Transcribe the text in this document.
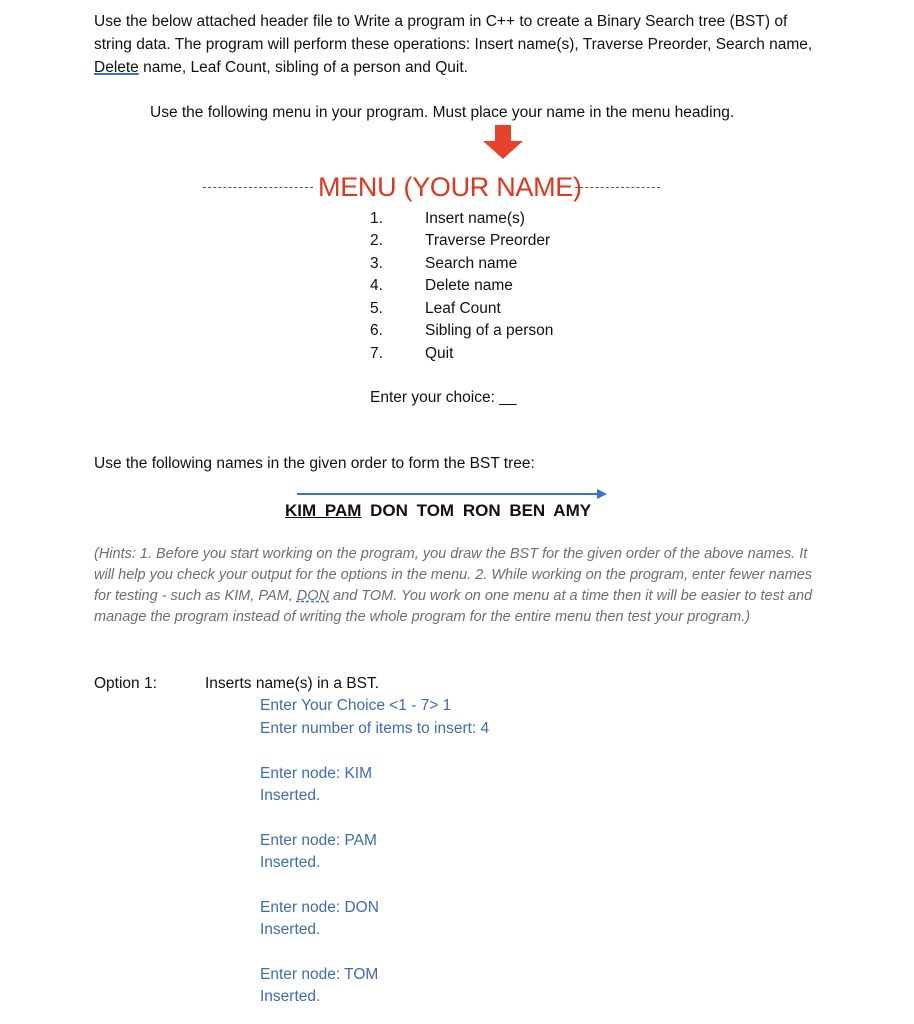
Use the below attached header file to Write a program in C++ to create a Binary Search tree (BST) of string data. The program will perform these operations: Insert name(s), Traverse Preorder, Search name, Delete name, Leaf Count, sibling of a person and Quit.
Use the following menu in your program. Must place your name in the menu heading.
MENU (YOUR NAME)
1.	Insert name(s)
2.	Traverse Preorder
3.	Search name
4.	Delete name
5.	Leaf Count
6.	Sibling of a person
7.	Quit
Enter your choice: __
Use the following names in the given order to form the BST tree:
KIM PAM DON TOM RON BEN AMY
(Hints: 1. Before you start working on the program, you draw the BST for the given order of the above names. It will help you check your output for the options in the menu. 2. While working on the program, enter fewer names for testing - such as KIM, PAM, DON and TOM. You work on one menu at a time then it will be easier to test and manage the program instead of writing the whole program for the entire menu then test your program.)
Option 1:	Inserts name(s) in a BST.
Enter Your Choice <1 - 7> 1
Enter number of items to insert: 4
Enter node: KIM
Inserted.
Enter node: PAM
Inserted.
Enter node: DON
Inserted.
Enter node: TOM
Inserted.
